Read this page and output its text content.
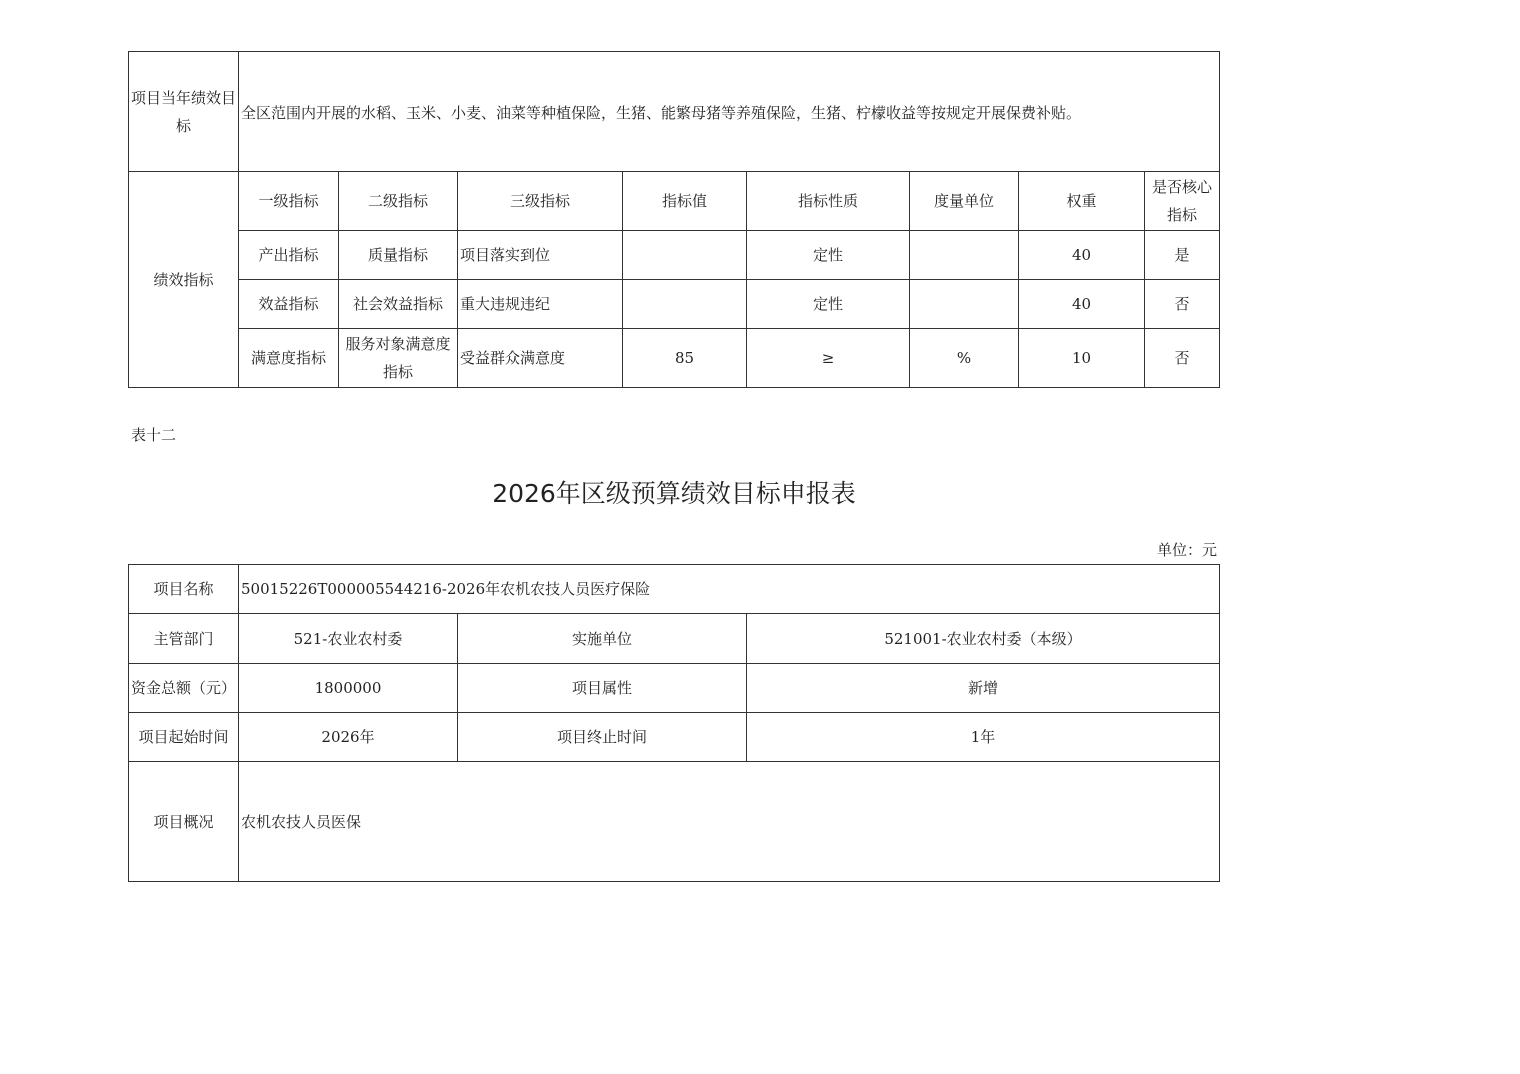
项目当年绩效目标	全区范围内开展的水稻、玉米、小麦、油菜等种植保险，生猪、能繁母猪等养殖保险，生猪、柠檬收益等按规定开展保费补贴。							
绩效指标	一级指标	二级指标	三级指标	指标值	指标性质	度量单位	权重	是否核心指标
	产出指标	质量指标	项目落实到位		定性		40	是
	效益指标	社会效益指标	重大违规违纪		定性		40	否
	满意度指标	服务对象满意度指标	受益群众满意度	85	≥	%	10	否
表十二
2026年区级预算绩效目标申报表
单位：元
项目名称	50015226T000005544216-2026年农机农技人员医疗保险		
主管部门	521-农业农村委	实施单位	521001-农业农村委（本级）
资金总额（元）	1800000	项目属性	新增
项目起始时间	2026年	项目终止时间	1年
项目概况	农机农技人员医保		
